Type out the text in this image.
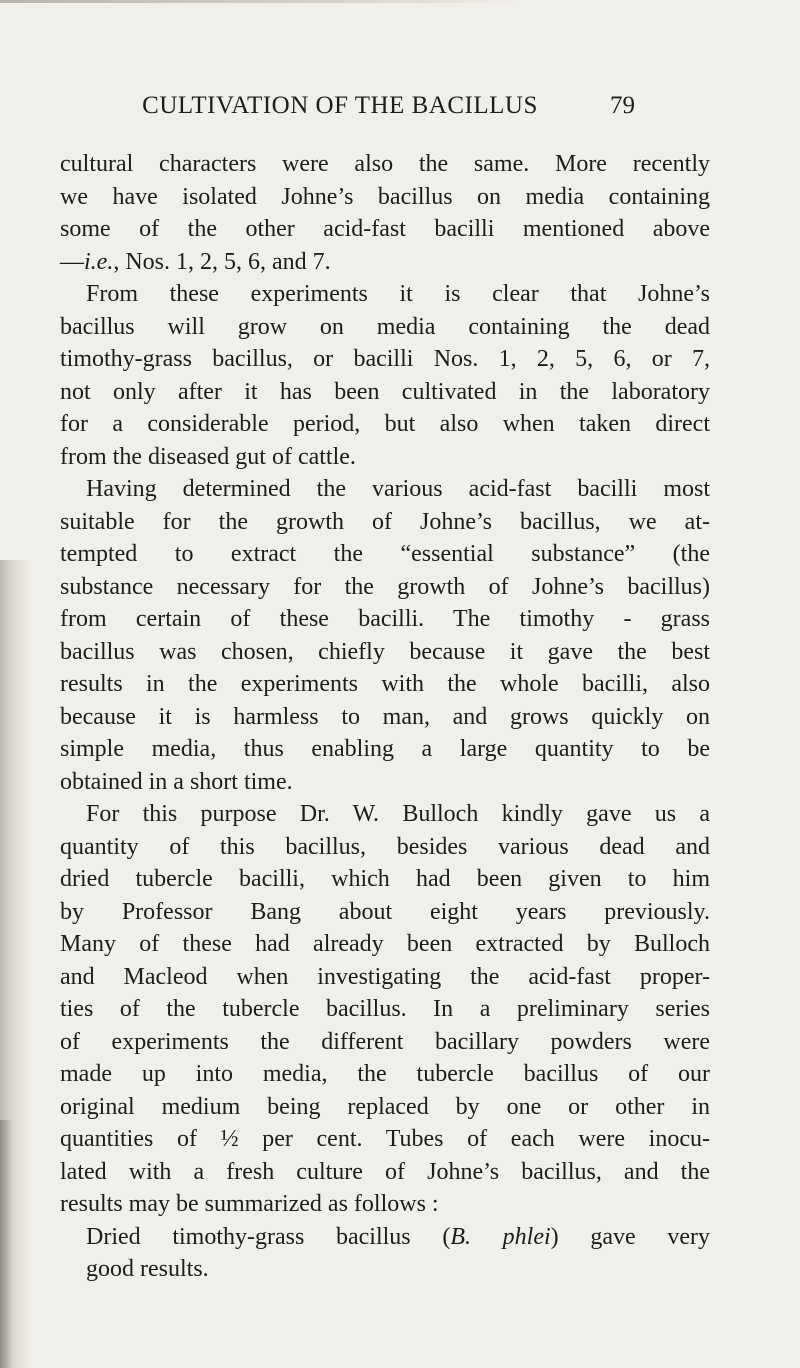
CULTIVATION OF THE BACILLUS	79
cultural characters were also the same. More recently
we have isolated Johne’s bacillus on media containing
some of the other acid-fast bacilli mentioned above
—i.e., Nos. 1, 2, 5, 6, and 7.
From these experiments it is clear that Johne’s
bacillus will grow on media containing the dead
timothy-grass bacillus, or bacilli Nos. 1, 2, 5, 6, or 7,
not only after it has been cultivated in the laboratory
for a considerable period, but also when taken direct
from the diseased gut of cattle.
Having determined the various acid-fast bacilli most
suitable for the growth of Johne’s bacillus, we at-
tempted to extract the “essential substance” (the
substance necessary for the growth of Johne’s bacillus)
from certain of these bacilli. The timothy - grass
bacillus was chosen, chiefly because it gave the best
results in the experiments with the whole bacilli, also
because it is harmless to man, and grows quickly on
simple media, thus enabling a large quantity to be
obtained in a short time.
For this purpose Dr. W. Bulloch kindly gave us a
quantity of this bacillus, besides various dead and
dried tubercle bacilli, which had been given to him
by Professor Bang about eight years previously.
Many of these had already been extracted by Bulloch
and Macleod when investigating the acid-fast proper-
ties of the tubercle bacillus. In a preliminary series
of experiments the different bacillary powders were
made up into media, the tubercle bacillus of our
original medium being replaced by one or other in
quantities of ½ per cent. Tubes of each were inocu-
lated with a fresh culture of Johne’s bacillus, and the
results may be summarized as follows :
Dried timothy-grass bacillus (B. phlei) gave very
good results.
